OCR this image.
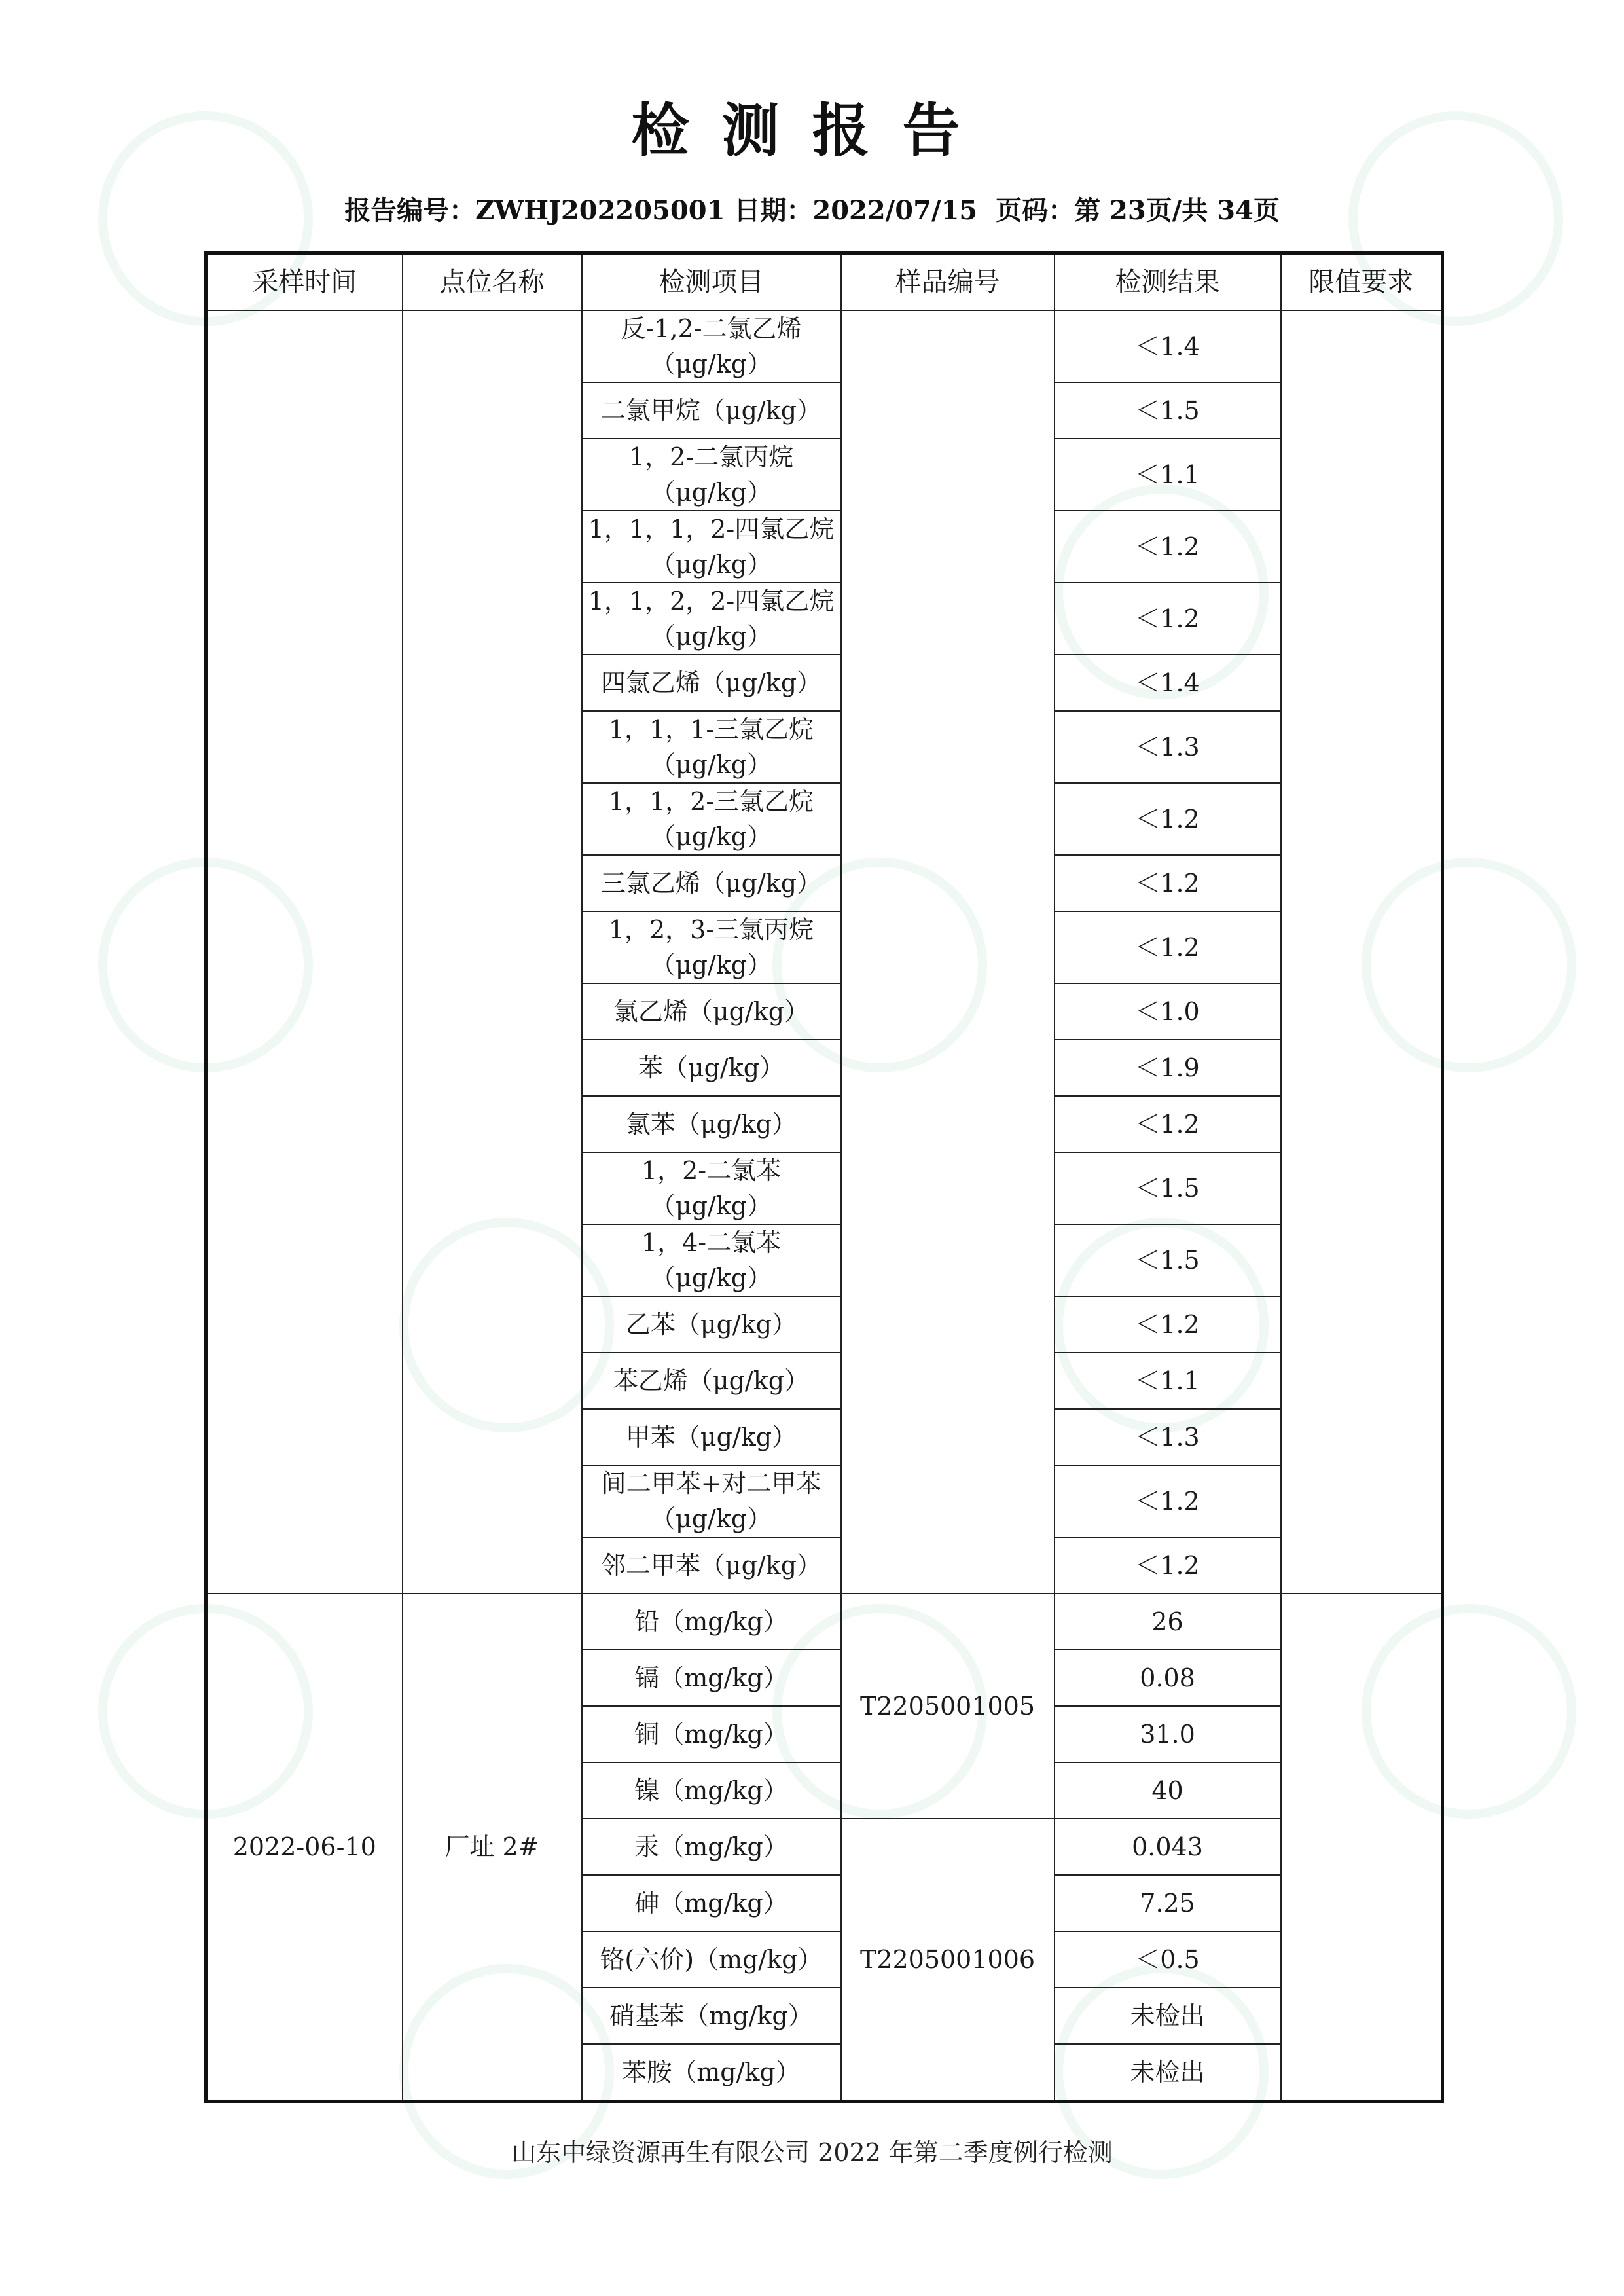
检测报告
报告编号：ZWHJ202205001 日期：2022/07/15  页码：第 23页/共 34页
采样时间	点位名称	检测项目	样品编号	检测结果	限值要求
		反-1,2-二氯乙烯（μg/kg）		＜1.4	
		二氯甲烷（μg/kg）		＜1.5	
		1，2-二氯丙烷（μg/kg）		＜1.1	
		1，1，1，2-四氯乙烷（μg/kg）		＜1.2	
		1，1，2，2-四氯乙烷（μg/kg）		＜1.2	
		四氯乙烯（μg/kg）		＜1.4	
		1，1，1-三氯乙烷（μg/kg）		＜1.3	
		1，1，2-三氯乙烷（μg/kg）		＜1.2	
		三氯乙烯（μg/kg）		＜1.2	
		1，2，3-三氯丙烷（μg/kg）		＜1.2	
		氯乙烯（μg/kg）		＜1.0	
		苯（μg/kg）		＜1.9	
		氯苯（μg/kg）		＜1.2	
		1，2-二氯苯（μg/kg）		＜1.5	
		1，4-二氯苯（μg/kg）		＜1.5	
		乙苯（μg/kg）		＜1.2	
		苯乙烯（μg/kg）		＜1.1	
		甲苯（μg/kg）		＜1.3	
		间二甲苯+对二甲苯（μg/kg）		＜1.2	
		邻二甲苯（μg/kg）		＜1.2	
2022-06-10	厂址 2#	铅（mg/kg）	T2205001005	26	
		镉（mg/kg）		0.08	
		铜（mg/kg）		31.0	
		镍（mg/kg）		40	
		汞（mg/kg）	T2205001006	0.043	
		砷（mg/kg）		7.25	
		铬(六价)（mg/kg）		＜0.5	
		硝基苯（mg/kg）		未检出	
		苯胺（mg/kg）		未检出	
山东中绿资源再生有限公司 2022 年第二季度例行检测
